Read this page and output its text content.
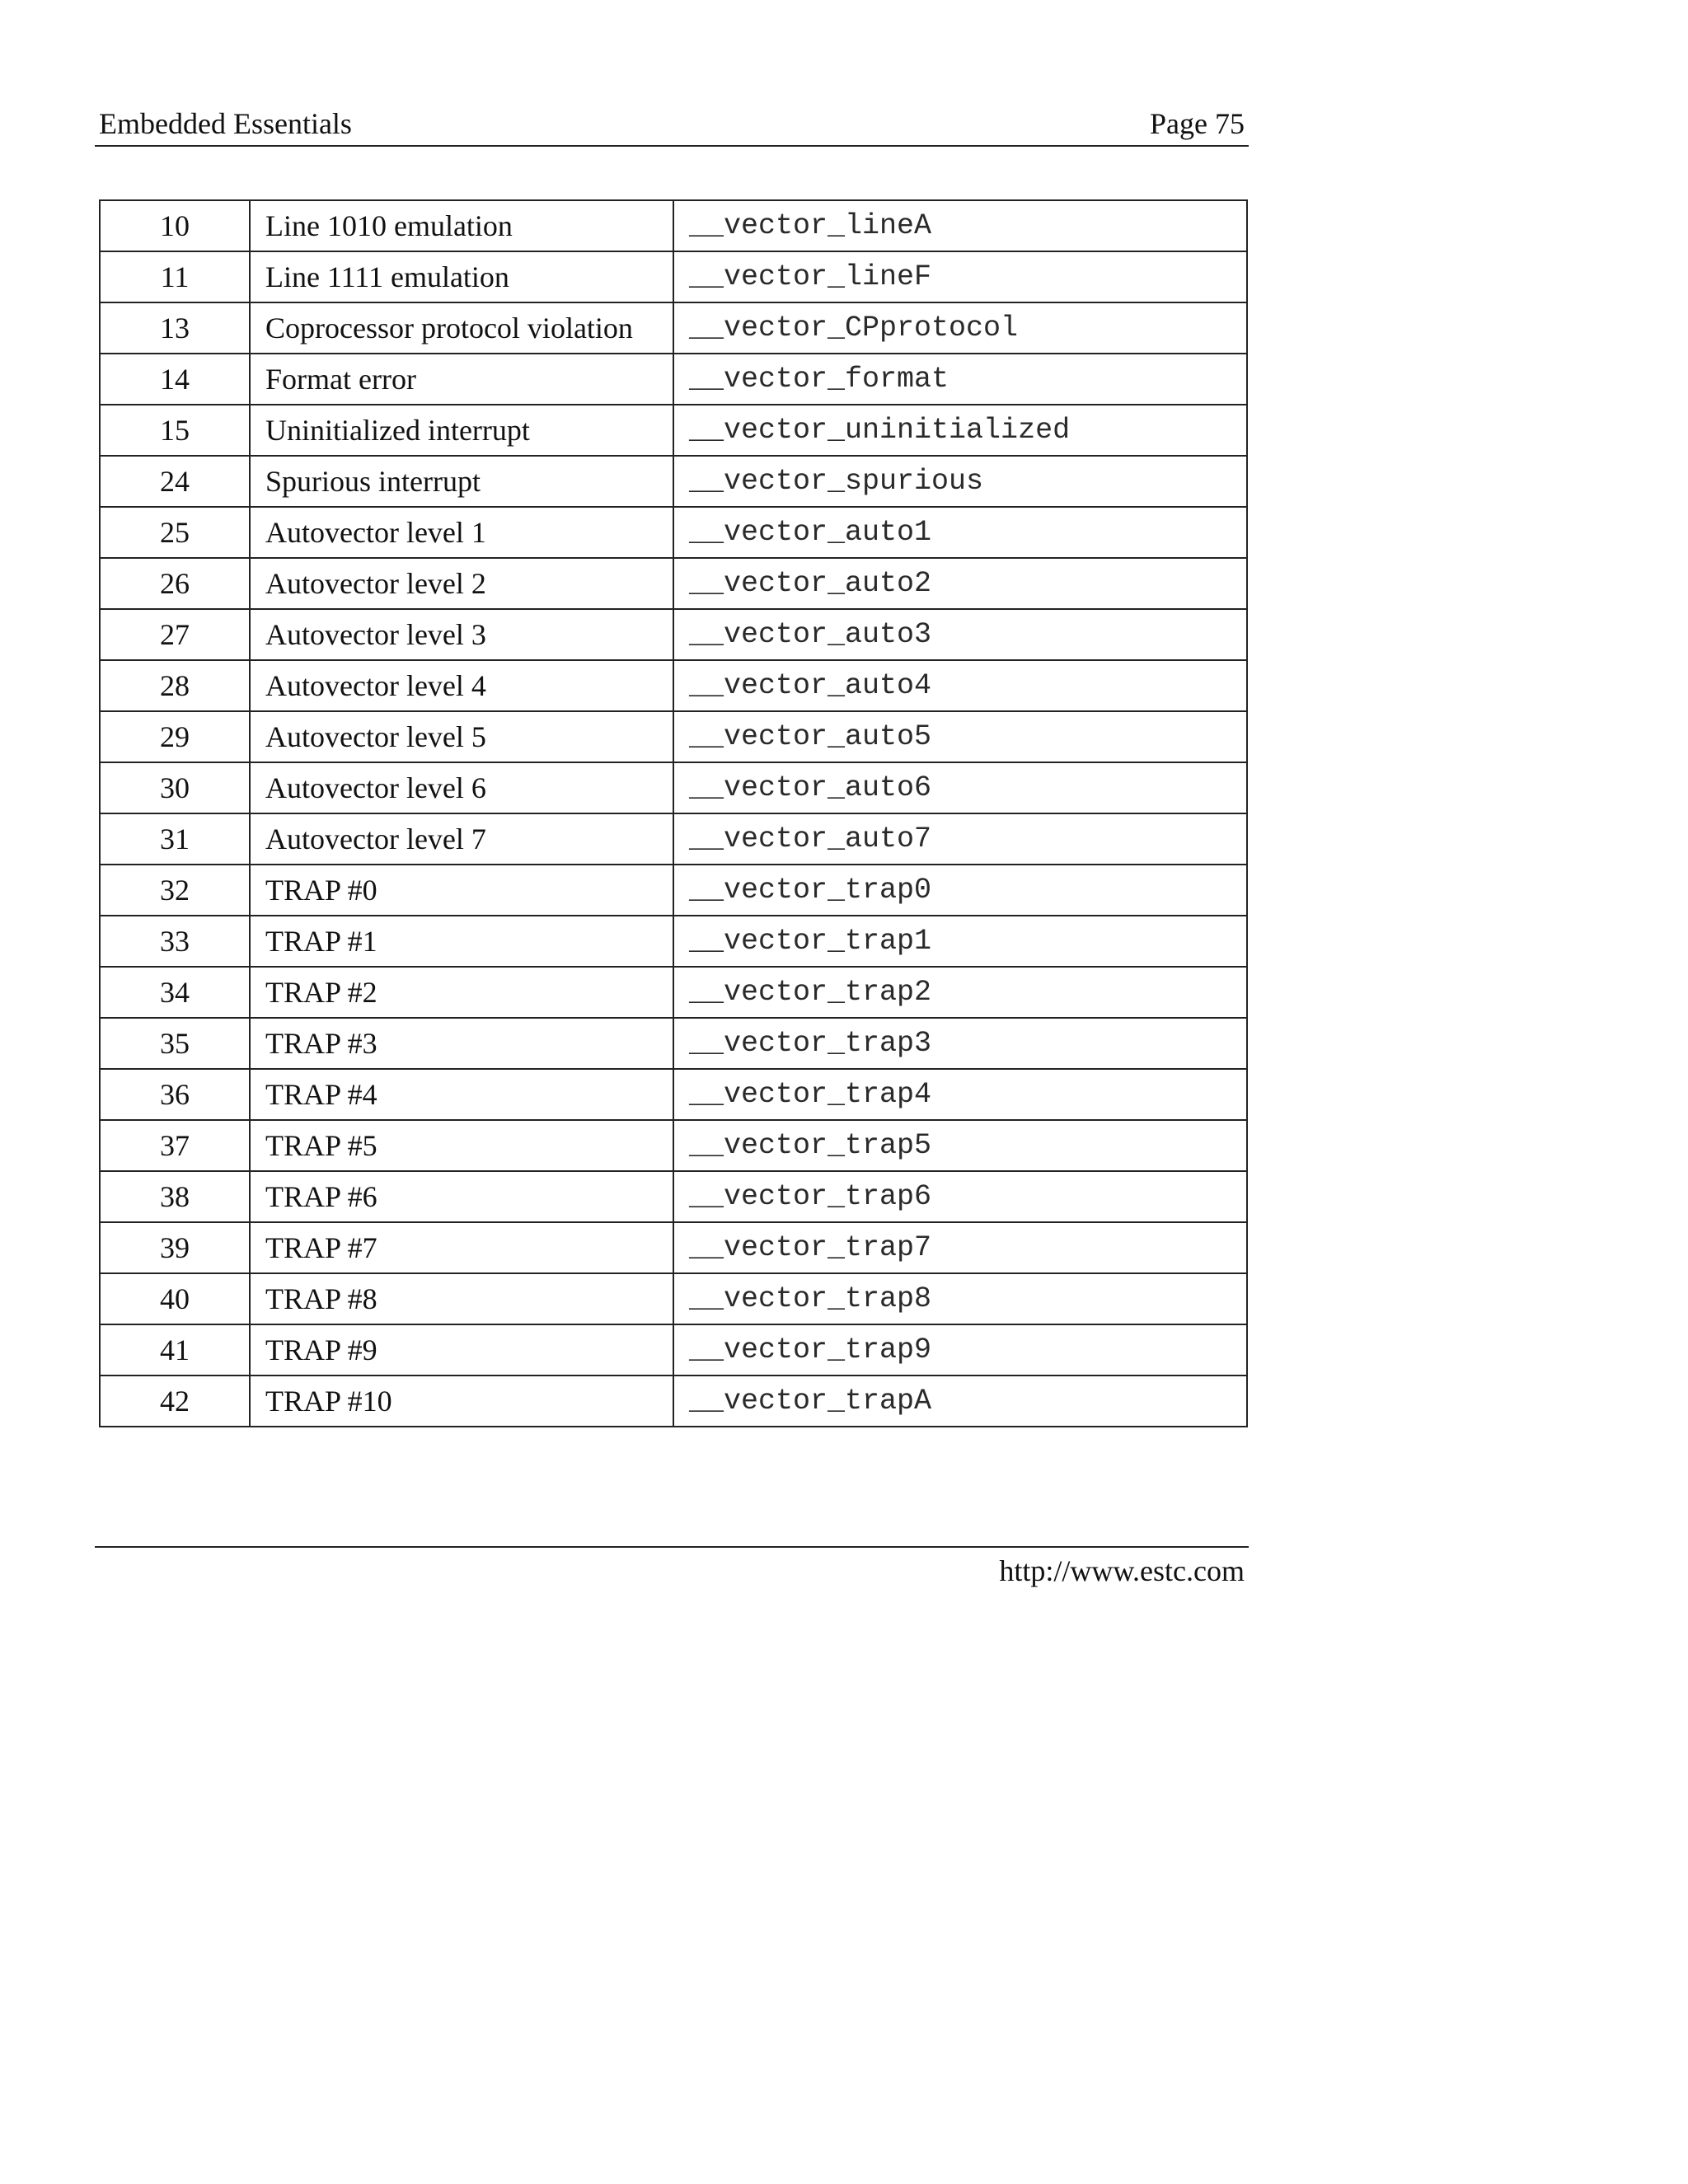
Embedded Essentials	Page 75
10	Line 1010 emulation	__vector_lineA
11	Line 1111 emulation	__vector_lineF
13	Coprocessor protocol violation	__vector_CPprotocol
14	Format error	__vector_format
15	Uninitialized interrupt	__vector_uninitialized
24	Spurious interrupt	__vector_spurious
25	Autovector level 1	__vector_auto1
26	Autovector level 2	__vector_auto2
27	Autovector level 3	__vector_auto3
28	Autovector level 4	__vector_auto4
29	Autovector level 5	__vector_auto5
30	Autovector level 6	__vector_auto6
31	Autovector level 7	__vector_auto7
32	TRAP #0	__vector_trap0
33	TRAP #1	__vector_trap1
34	TRAP #2	__vector_trap2
35	TRAP #3	__vector_trap3
36	TRAP #4	__vector_trap4
37	TRAP #5	__vector_trap5
38	TRAP #6	__vector_trap6
39	TRAP #7	__vector_trap7
40	TRAP #8	__vector_trap8
41	TRAP #9	__vector_trap9
42	TRAP #10	__vector_trapA
http://www.estc.com
